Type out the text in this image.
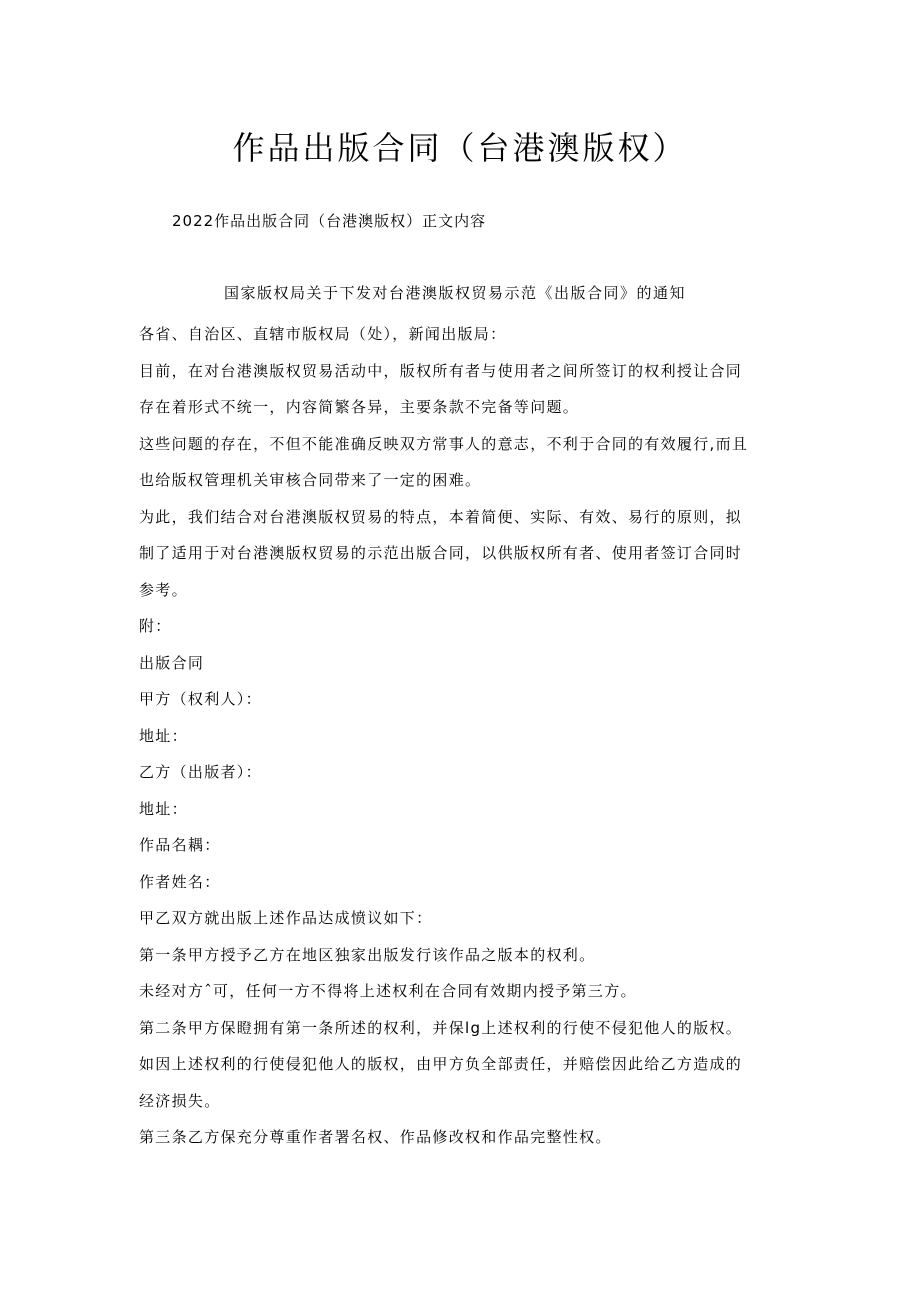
作品出版合同（台港澳版权）
2022作品出版合同（台港澳版权）正文内容
国家版权局关于下发对台港澳版权贸易示范《出版合同》的通知
各省、自治区、直辖市版权局（处），新闻出版局：
目前，在对台港澳版权贸易活动中，版权所有者与使用者之间所签订的权利授让合同
存在着形式不统一，内容简繁各异，主要条款不完备等问题。
这些问题的存在，不但不能准确反映双方常事人的意志，不利于合同的有效履行,而且
也给版权管理机关审核合同带来了一定的困难。
为此，我们结合对台港澳版权贸易的特点，本着简便、实际、有效、易行的原则，拟
制了适用于对台港澳版权贸易的示范出版合同，以供版权所有者、使用者签订合同时
参考。
附：
出版合同
甲方（权利人）：
地址：
乙方（出版者）：
地址：
作品名耦：
作者姓名：
甲乙双方就出版上述作品达成愤议如下：
第一条甲方授予乙方在地区独家出版发行该作品之版本的权利。
未经对方ˆ可，任何一方不得将上述权利在合同有效期内授予第三方。
第二条甲方保瞪拥有第一条所述的权利，并保lg上述权利的行使不侵犯他人的版权。
如因上述权利的行使侵犯他人的版权，由甲方负全部责任，并赔偿因此给乙方造成的
经济损失。
第三条乙方保充分尊重作者署名权、作品修改权和作品完整性权。
